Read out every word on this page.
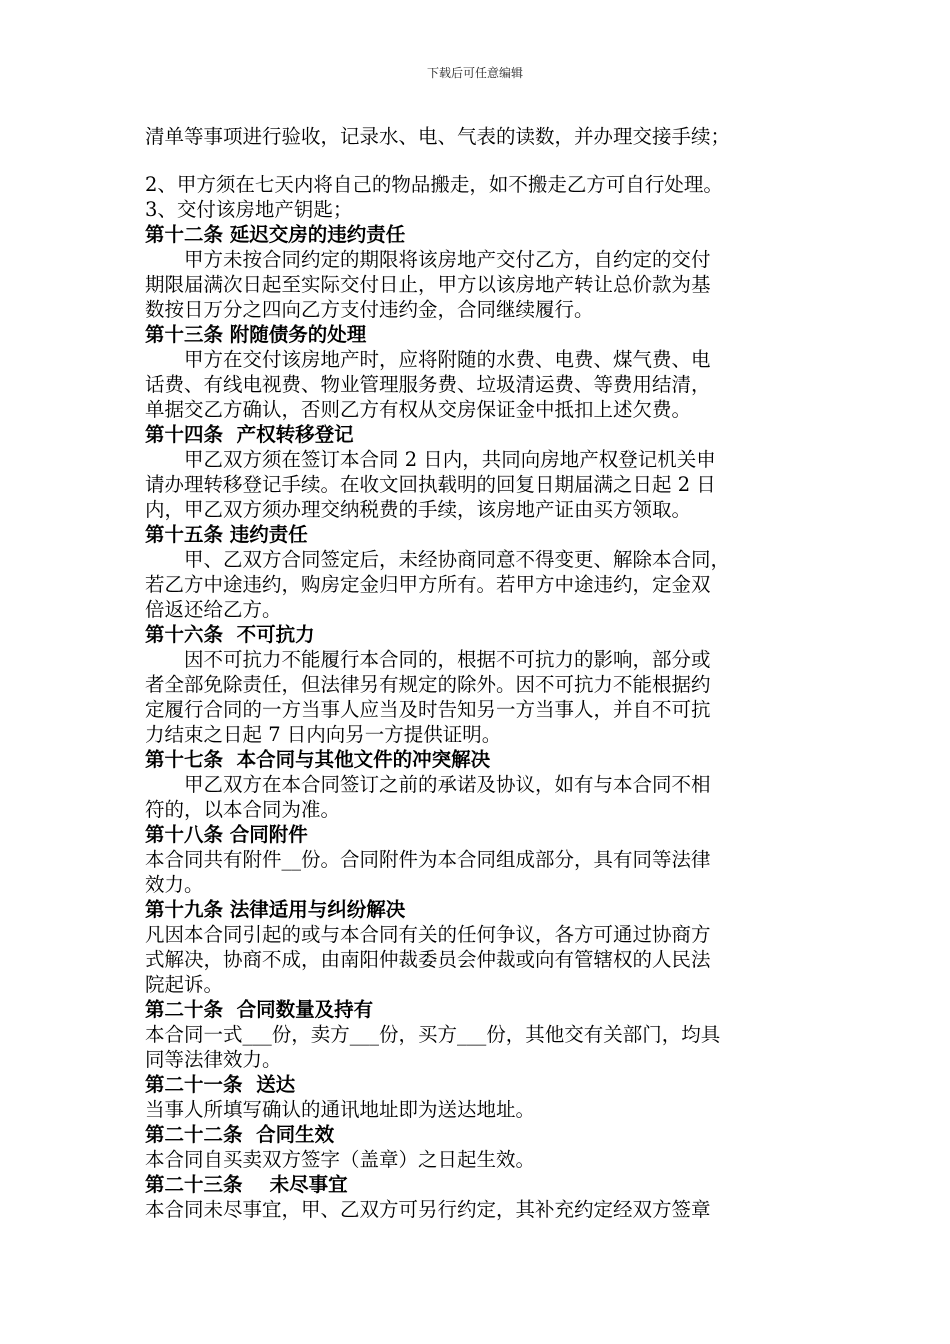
下载后可任意编辑
清单等事项进行验收，记录水、电、气表的读数，并办理交接手续；
2、甲方须在七天内将自己的物品搬走，如不搬走乙方可自行处理。
3、交付该房地产钥匙；
第十二条 延迟交房的违约责任
　　甲方未按合同约定的期限将该房地产交付乙方，自约定的交付
期限届满次日起至实际交付日止，甲方以该房地产转让总价款为基
数按日万分之四向乙方支付违约金，合同继续履行。
第十三条 附随债务的处理
　　甲方在交付该房地产时，应将附随的水费、电费、煤气费、电
话费、有线电视费、物业管理服务费、垃圾清运费、等费用结清，
单据交乙方确认，否则乙方有权从交房保证金中抵扣上述欠费。
第十四条  产权转移登记
　　甲乙双方须在签订本合同 2 日内，共同向房地产权登记机关申
请办理转移登记手续。在收文回执载明的回复日期届满之日起 2 日
内，甲乙双方须办理交纳税费的手续，该房地产证由买方领取。
第十五条 违约责任
　　甲、乙双方合同签定后，未经协商同意不得变更、解除本合同，
若乙方中途违约，购房定金归甲方所有。若甲方中途违约，定金双
倍返还给乙方。
第十六条  不可抗力
　　因不可抗力不能履行本合同的，根据不可抗力的影响，部分或
者全部免除责任，但法律另有规定的除外。因不可抗力不能根据约
定履行合同的一方当事人应当及时告知另一方当事人，并自不可抗
力结束之日起 7 日内向另一方提供证明。
第十七条  本合同与其他文件的冲突解决
　　甲乙双方在本合同签订之前的承诺及协议，如有与本合同不相
符的，以本合同为准。
第十八条 合同附件
本合同共有附件__份。合同附件为本合同组成部分，具有同等法律
效力。
第十九条 法律适用与纠纷解决
凡因本合同引起的或与本合同有关的任何争议，各方可通过协商方
式解决，协商不成，由南阳仲裁委员会仲裁或向有管辖权的人民法
院起诉。
第二十条  合同数量及持有
本合同一式___份，卖方___份，买方___份，其他交有关部门，均具
同等法律效力。
第二十一条  送达
当事人所填写确认的通讯地址即为送达地址。
第二十二条  合同生效
本合同自买卖双方签字（盖章）之日起生效。
第二十三条    未尽事宜
本合同未尽事宜，甲、乙双方可另行约定，其补充约定经双方签章
